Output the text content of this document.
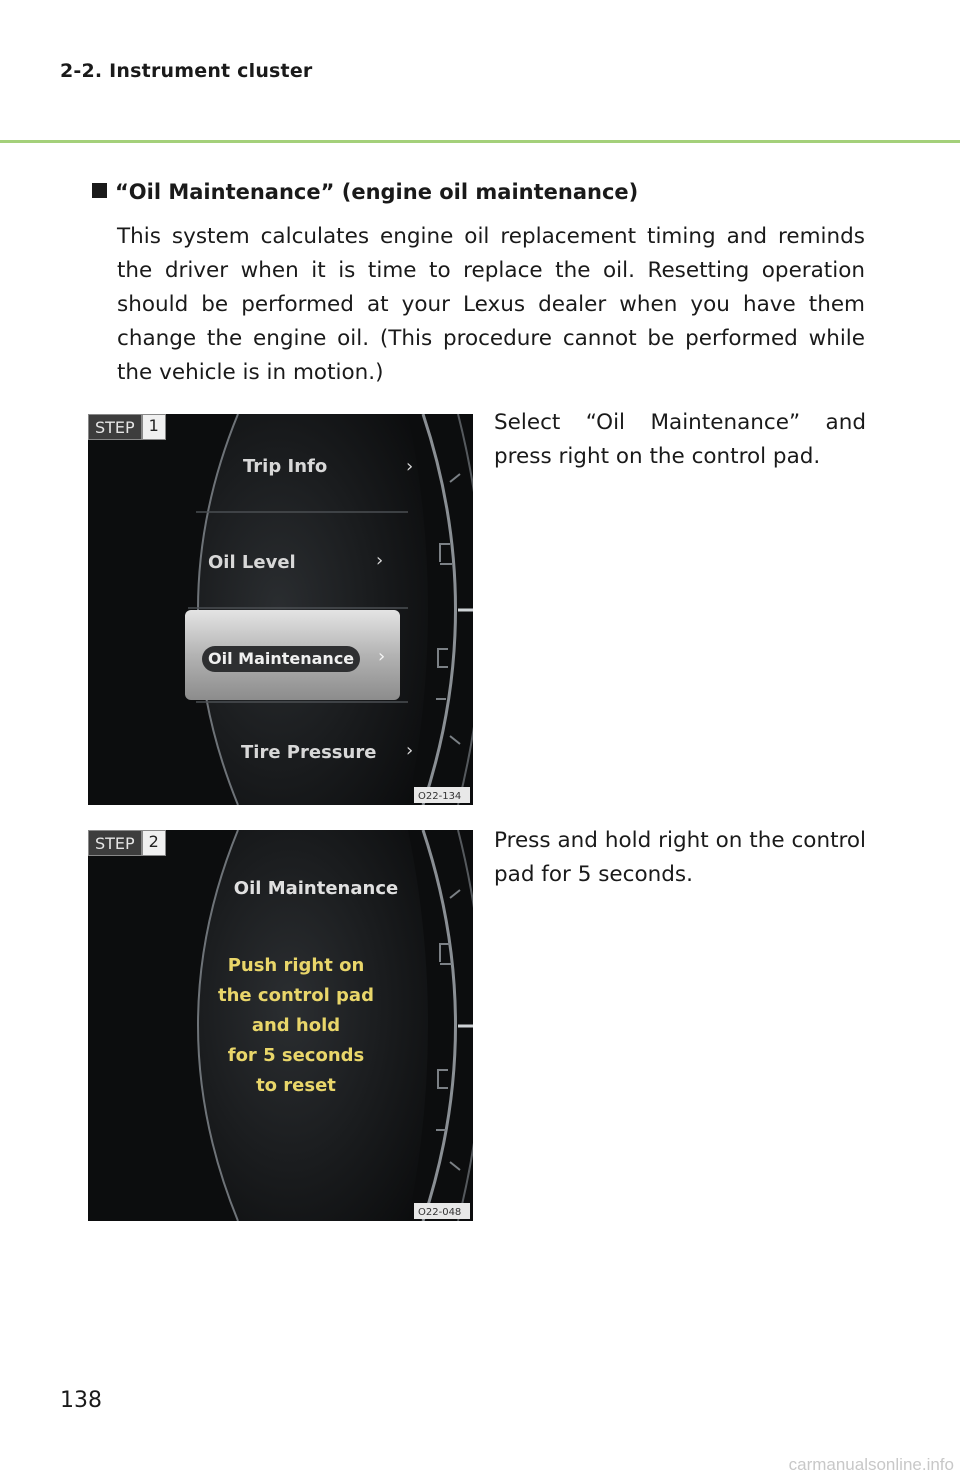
2-2. Instrument cluster
“Oil Maintenance” (engine oil maintenance)
This system calculates engine oil replacement timing and reminds the driver when it is time to replace the oil. Resetting operation should be performed at your Lexus dealer when you have them change the engine oil. (This procedure cannot be performed while the vehicle is in motion.)
STEP 1
Trip Info	›
Oil Level	›
Oil Maintenance ›
Tire Pressure ›
O22-134
Select “Oil Maintenance” and press right on the control pad.
STEP 2
Oil Maintenance
Push right on
the control pad
and hold
for 5 seconds
to reset
O22-048
Press and hold right on the control pad for 5 seconds.
138
carmanualsonline.info
